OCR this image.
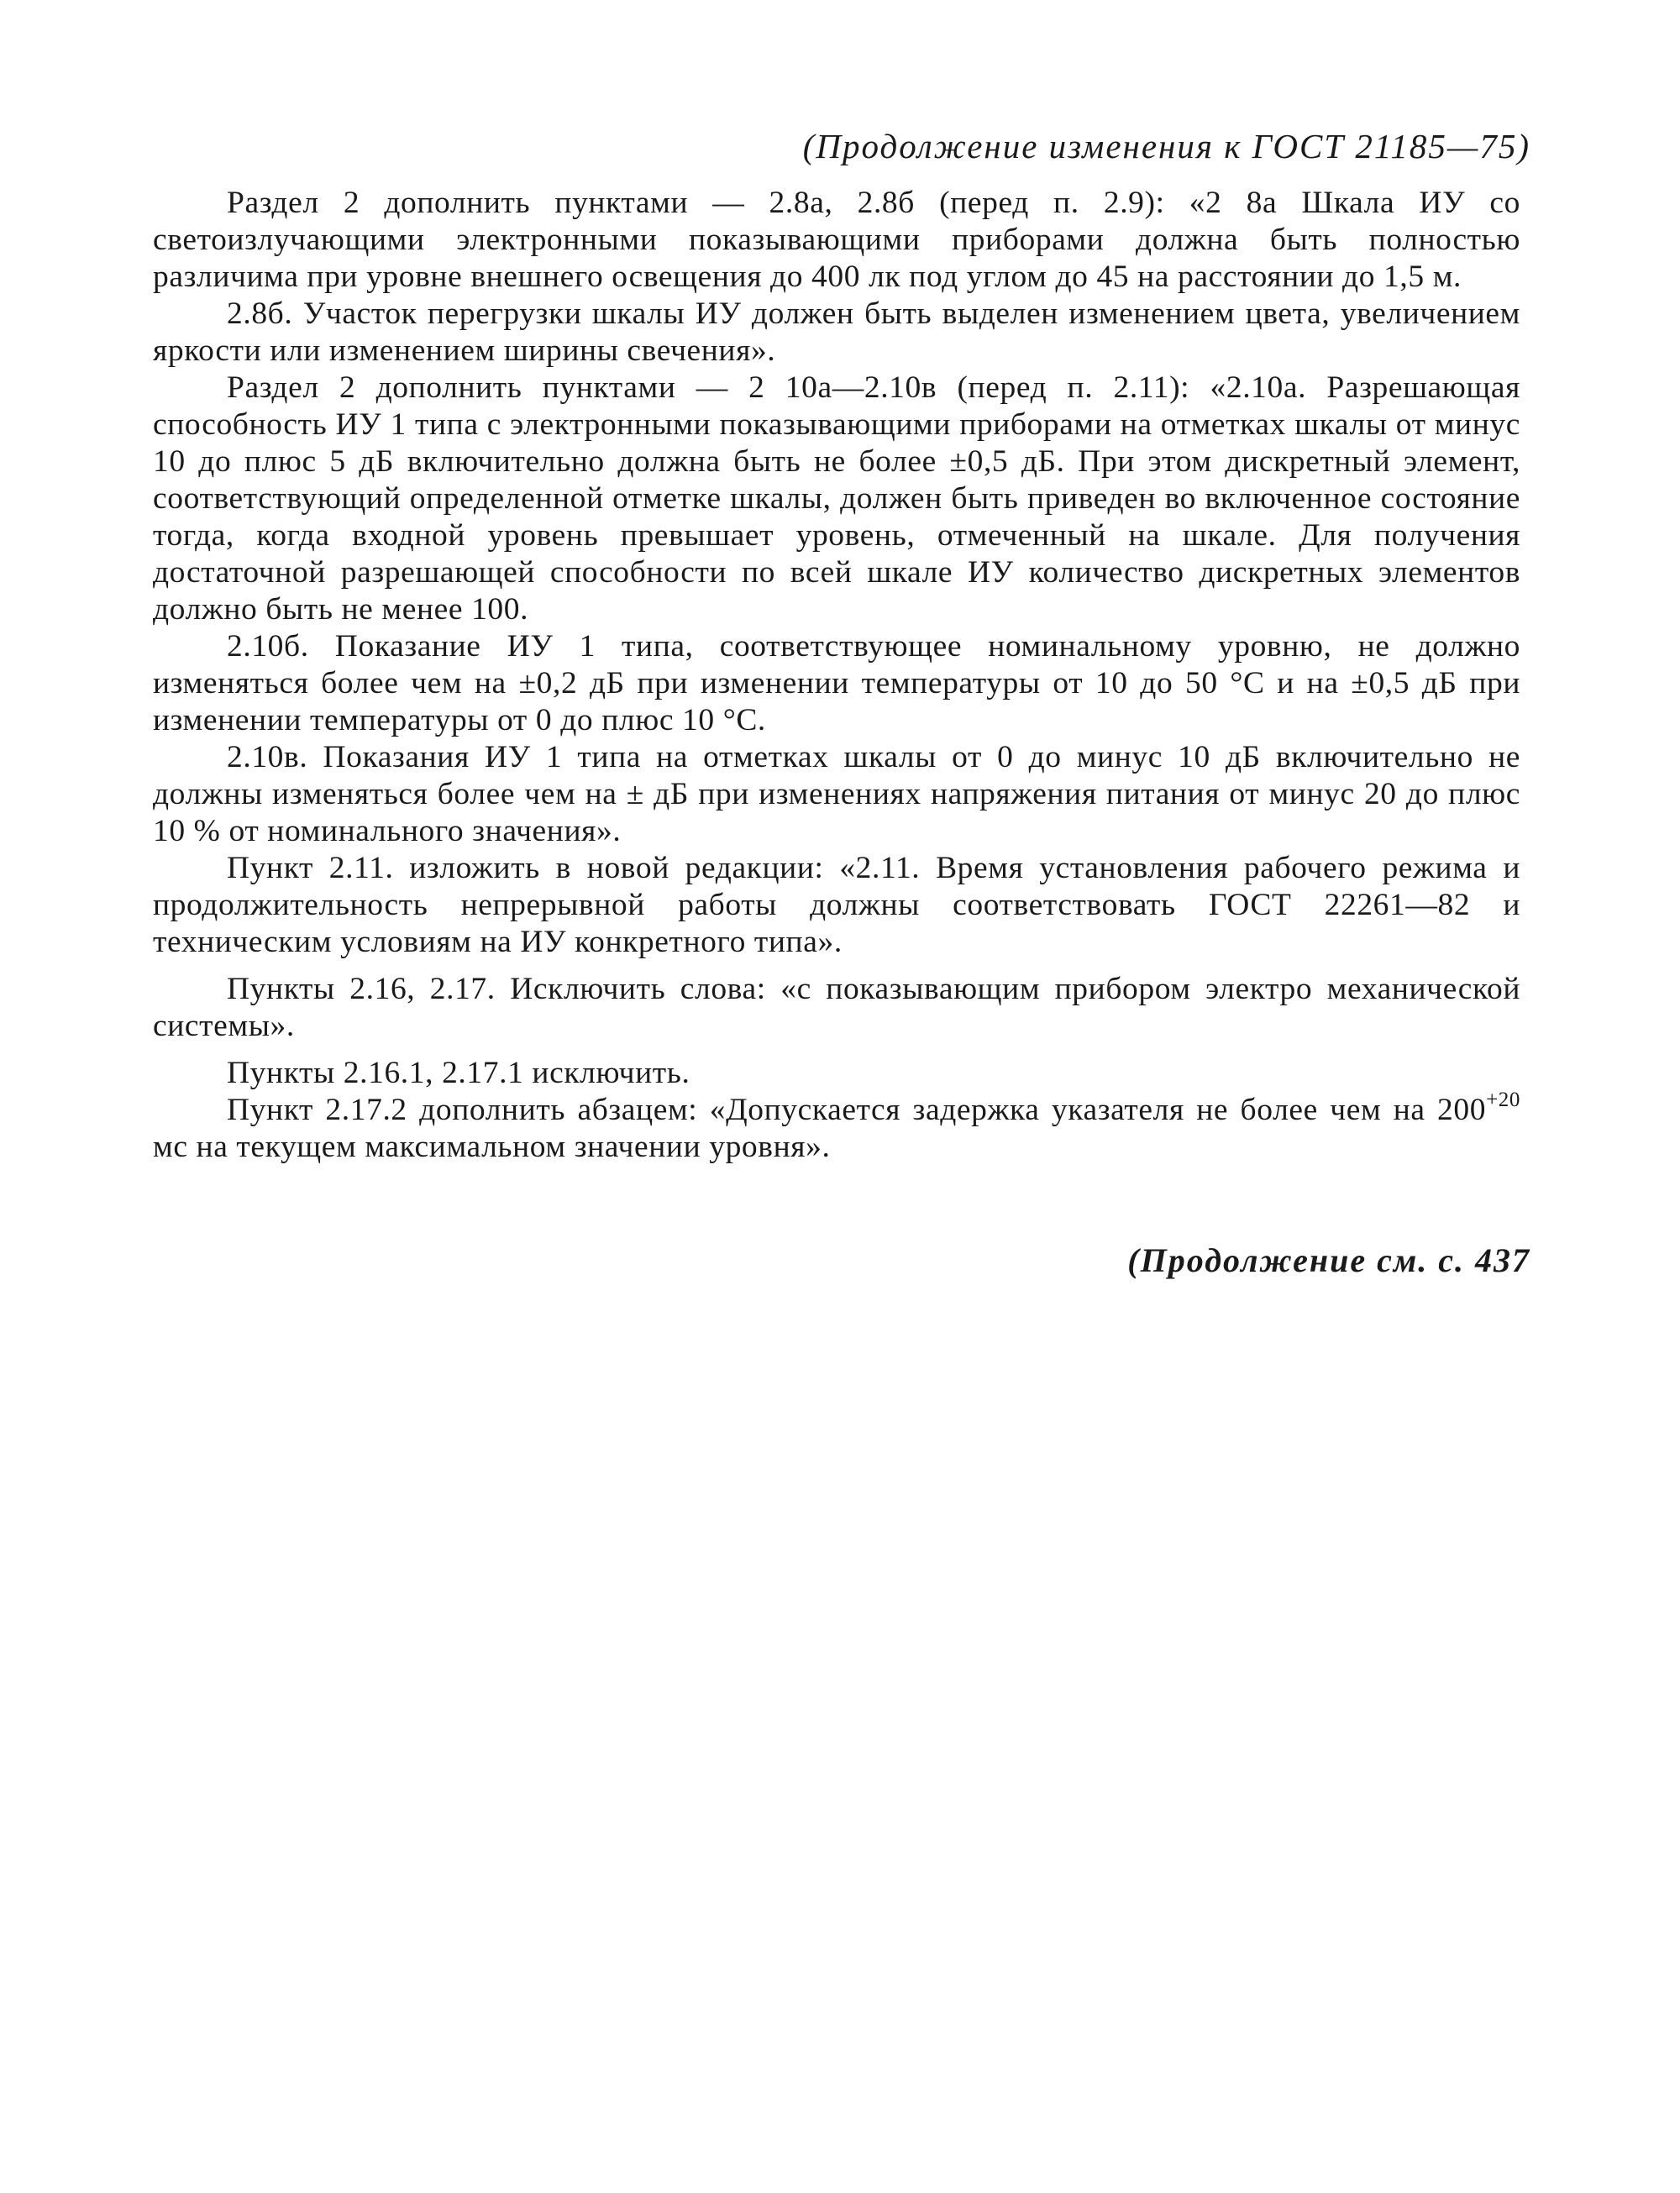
(Продолжение изменения к ГОСТ 21185—75)

Раздел 2 дополнить пунктами — 2.8а, 2.8б (перед п. 2.9): «2 8а Шкала ИУ со светоизлучающими электронными показывающими приборами должна быть полностью различима при уровне внешнего освещения до 400 лк под углом до 45 на расстоянии до 1,5 м.

2.8б. Участок перегрузки шкалы ИУ должен быть выделен изменением цвета, увеличением яркости или изменением ширины свечения».

Раздел 2 дополнить пунктами — 2 10а—2.10в (перед п. 2.11): «2.10а. Разрешающая способность ИУ 1 типа с электронными показывающими приборами на отметках шкалы от минус 10 до плюс 5 дБ включительно должна быть не более ±0,5 дБ. При этом дискретный элемент, соответствующий определенной отметке шкалы, должен быть приведен во включенное состояние тогда, когда входной уровень превышает уровень, отмеченный на шкале. Для получения достаточной разрешающей способности по всей шкале ИУ количество дискретных элементов должно быть не менее 100.

2.10б. Показание ИУ 1 типа, соответствующее номинальному уровню, не должно изменяться более чем на ±0,2 дБ при изменении температуры от 10 до 50 °С и на ±0,5 дБ при изменении температуры от 0 до плюс 10 °С.

2.10в. Показания ИУ 1 типа на отметках шкалы от 0 до минус 10 дБ включительно не должны изменяться более чем на ± дБ при изменениях напряжения питания от минус 20 до плюс 10 % от номинального значения».

Пункт 2.11. изложить в новой редакции: «2.11. Время установления рабочего режима и продолжительность непрерывной работы должны соответствовать ГОСТ 22261—82 и техническим условиям на ИУ конкретного типа».

Пункты 2.16, 2.17. Исключить слова: «с показывающим прибором электро механической системы».

Пункты 2.16.1, 2.17.1 исключить.

Пункт 2.17.2 дополнить абзацем: «Допускается задержка указателя не более чем на $200^{+20}$ мс на текущем максимальном значении уровня».

(Продолжение см. с. 437
